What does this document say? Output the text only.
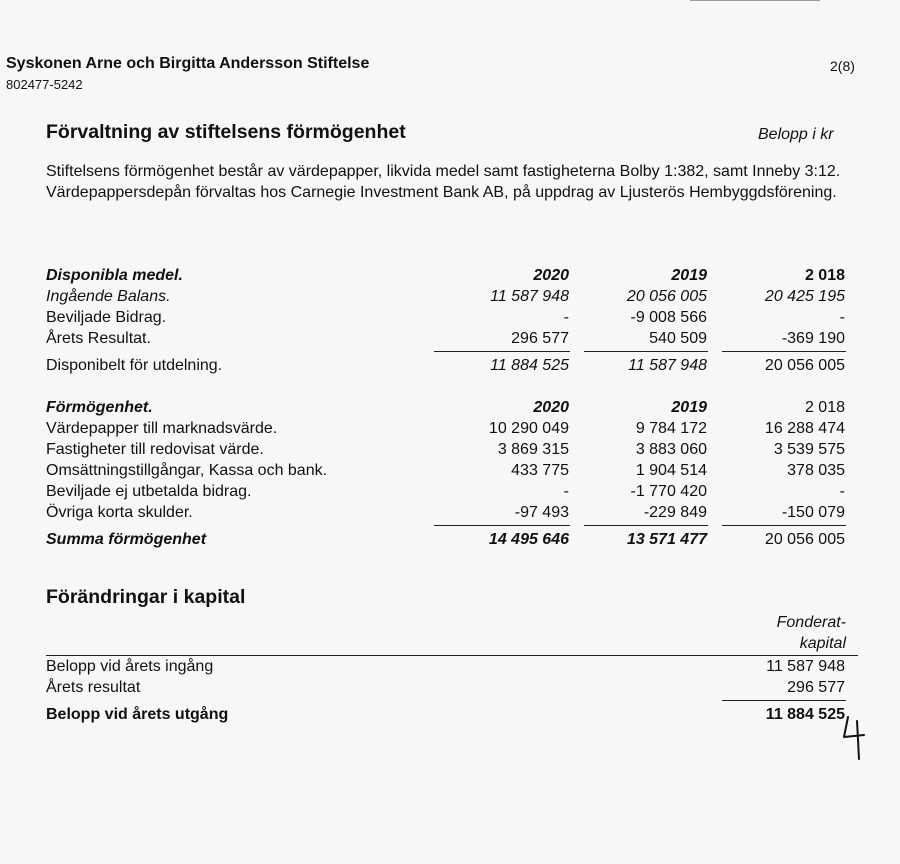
Syskonen Arne och Birgitta Andersson Stiftelse
802477-5242
2(8)
Förvaltning av stiftelsens förmögenhet	Belopp i kr
Stiftelsens förmögenhet består av värdepapper, likvida medel samt fastigheterna Bolby 1:382, samt Inneby 3:12. Värdepappersdepån förvaltas hos Carnegie Investment Bank AB, på uppdrag av Ljusterös Hembyggdsförening.
Disponibla medel.	2020	2019	2 018
Ingående Balans.	11 587 948	20 056 005	20 425 195
Beviljade Bidrag.	-	-9 008 566	-
Årets Resultat.	296 577	540 509	-369 190
Disponibelt för utdelning.	11 884 525	11 587 948	20 056 005
Förmögenhet.	2020	2019	2 018
Värdepapper till marknadsvärde.	10 290 049	9 784 172	16 288 474
Fastigheter till redovisat värde.	3 869 315	3 883 060	3 539 575
Omsättningstillgångar, Kassa och bank.	433 775	1 904 514	378 035
Beviljade ej utbetalda bidrag.	-	-1 770 420	-
Övriga korta skulder.	-97 493	-229 849	-150 079
Summa förmögenhet	14 495 646	13 571 477	20 056 005
Förändringar i kapital
Fonderat-
kapital
Belopp vid årets ingång	11 587 948
Årets resultat	296 577
Belopp vid årets utgång	11 884 525
